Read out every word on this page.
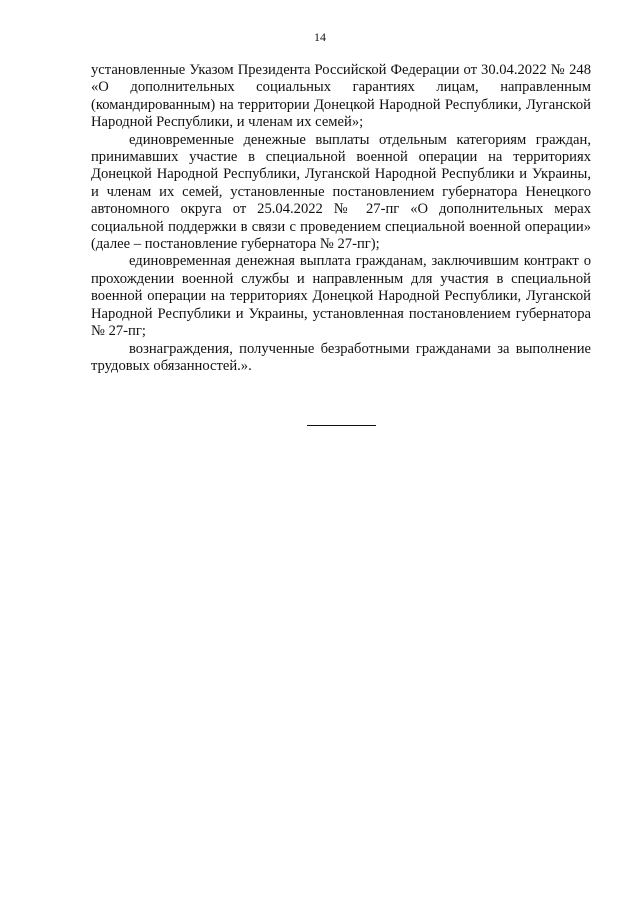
14

установленные Указом Президента Российской Федерации от 30.04.2022 № 248 «О дополнительных социальных гарантиях лицам, направленным (командированным) на территории Донецкой Народной Республики, Луганской Народной Республики, и членам их семей»;

единовременные денежные выплаты отдельным категориям граждан, принимавших участие в специальной военной операции на территориях Донецкой Народной Республики, Луганской Народной Республики и Украины, и членам их семей, установленные постановлением губернатора Ненецкого автономного округа от 25.04.2022 № 27-пг «О дополнительных мерах социальной поддержки в связи с проведением специальной военной операции» (далее – постановление губернатора № 27-пг);

единовременная денежная выплата гражданам, заключившим контракт о прохождении военной службы и направленным для участия в специальной военной операции на территориях Донецкой Народной Республики, Луганской Народной Республики и Украины, установленная постановлением губернатора № 27-пг;

вознаграждения, полученные безработными гражданами за выполнение трудовых обязанностей.».
